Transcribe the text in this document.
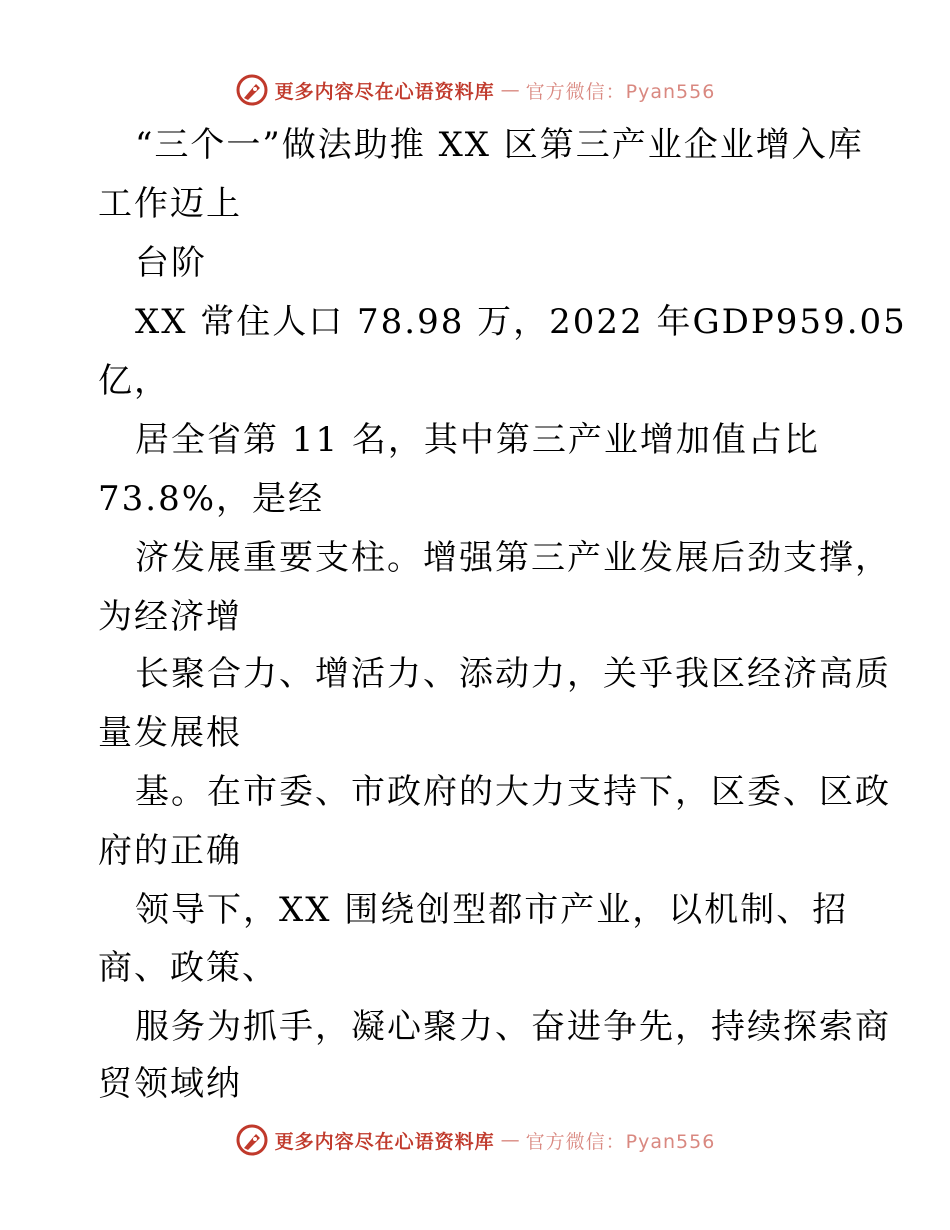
更多内容尽在心语资料库 — 官方微信：Pyan556
“三个一”做法助推 XX 区第三产业企业增入库
工作迈上
台阶
XX 常住人口 78.98 万，2022 年GDP959.05
亿，
居全省第 11 名，其中第三产业增加值占比
73.8%，是经
济发展重要支柱。增强第三产业发展后劲支撑，
为经济增
长聚合力、增活力、添动力，关乎我区经济高质
量发展根
基。在市委、市政府的大力支持下，区委、区政
府的正确
领导下，XX 围绕创型都市产业，以机制、招
商、政策、
服务为抓手，凝心聚力、奋进争先，持续探索商
贸领域纳
更多内容尽在心语资料库 — 官方微信：Pyan556
